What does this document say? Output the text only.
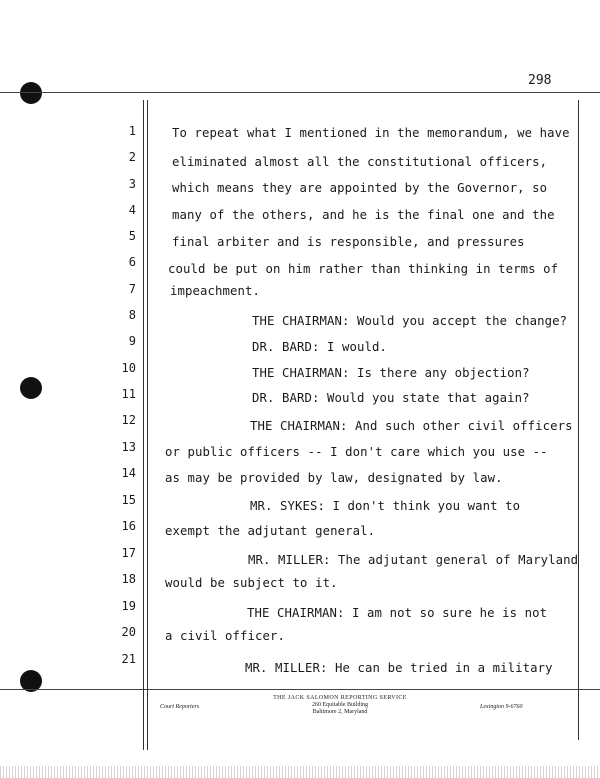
298
1	To repeat what I mentioned in the memorandum, we have
2	eliminated almost all the constitutional officers,
3	which means they are appointed by the Governor, so
4	many of the others, and he is the final one and the
5	final arbiter and is responsible, and pressures
6	could be put on him rather than thinking in terms of
7	impeachment.
8	THE CHAIRMAN: Would you accept the change?
9	DR. BARD: I would.
10	THE CHAIRMAN: Is there any objection?
11	DR. BARD: Would you state that again?
12	THE CHAIRMAN: And such other civil officers
13 or public officers -- I don't care which you use --
14 as may be provided by law, designated by law.
15	MR. SYKES: I don't think you want to
16 exempt the adjutant general.
17	MR. MILLER: The adjutant general of Maryland
18 would be subject to it.
19	THE CHAIRMAN: I am not so sure he is not
20 a civil officer.
21
MR. MILLER: He can be tried in a military
Court Reporters
THE JACK SALOMON REPORTING SERVICE
260 Equitable Building
Baltimore 2, Maryland
Lexington 9-6760
